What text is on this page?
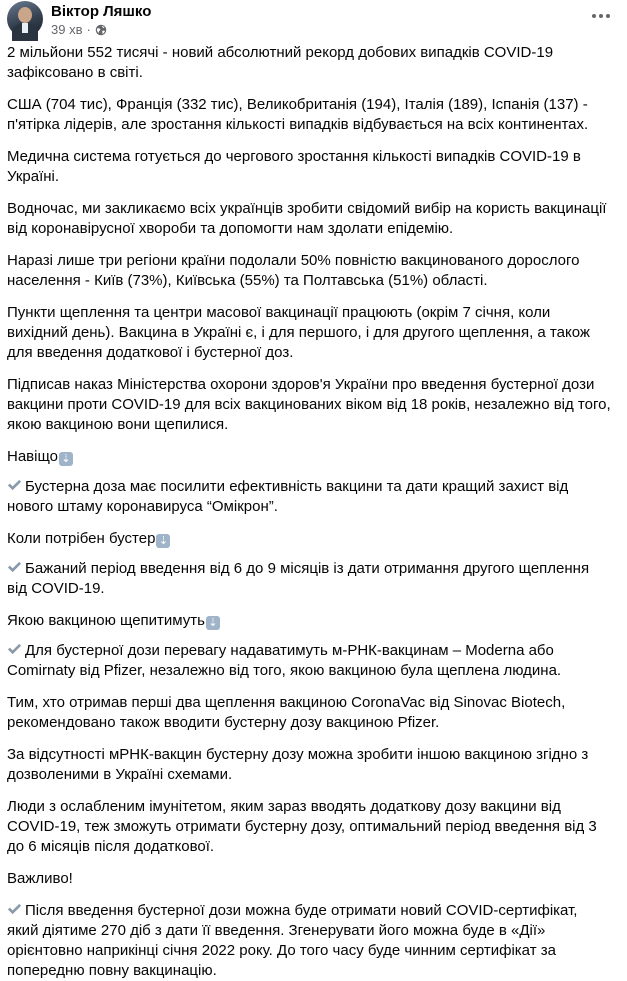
Віктор Ляшко
39 хв ·

2 мільйони 552 тисячі - новий абсолютний рекорд добових випадків COVID-19 зафіксовано в світі.

США (704 тис), Франція (332 тис), Великобританія (194), Італія (189), Іспанія (137) - п'ятірка лідерів, але зростання кількості випадків відбувається на всіх континентах.

Медична система готується до чергового зростання кількості випадків COVID-19 в Україні.

Водночас, ми закликаємо всіх українців зробити свідомий вибір на користь вакцинації від коронавірусної хвороби та допомогти нам здолати епідемію.

Наразі лише три регіони країни подолали 50% повністю вакцинованого дорослого населення - Київ (73%), Київська (55%) та Полтавська (51%) області.

Пункти щеплення та центри масової вакцинації працюють (окрім 7 січня, коли вихідний день). Вакцина в Україні є, і для першого, і для другого щеплення, а також для введення додаткової і бустерної доз.

Підписав наказ Міністерства охорони здоров'я України про введення бустерної дози вакцини проти COVID-19 для всіх вакцинованих віком від 18 років, незалежно від того, якою вакциною вони щепилися.

Навіщо ⇣

Бустерна доза має посилити ефективність вакцини та дати кращий захист від нового штаму коронавируса “Омікрон”.

Коли потрібен бустер ⇣

Бажаний період введення від 6 до 9 місяців із дати отримання другого щеплення від COVID-19.

Якою вакциною щепитимуть ⇣

Для бустерної дози перевагу надаватимуть м-РНК-вакцинам – Moderna або Comirnaty від Pfizer, незалежно від того, якою вакциною була щеплена людина.

Тим, хто отримав перші два щеплення вакциною CoronaVac від Sinovac Biotech, рекомендовано також вводити бустерну дозу вакциною Pfizer.

За відсутності мРНК-вакцин бустерну дозу можна зробити іншою вакциною згідно з дозволеними в Україні схемами.

Люди з ослабленим імунітетом, яким зараз вводять додаткову дозу вакцини від COVID-19, теж зможуть отримати бустерну дозу, оптимальний період введення від 3 до 6 місяців після додаткової.

Важливо!

Після введення бустерної дози можна буде отримати новий COVID-сертифікат, який діятиме 270 діб з дати її введення. Згенерувати його можна буде в «Дії» орієнтовно наприкінці січня 2022 року. До того часу буде чинним сертифікат за попередню повну вакцинацію.
